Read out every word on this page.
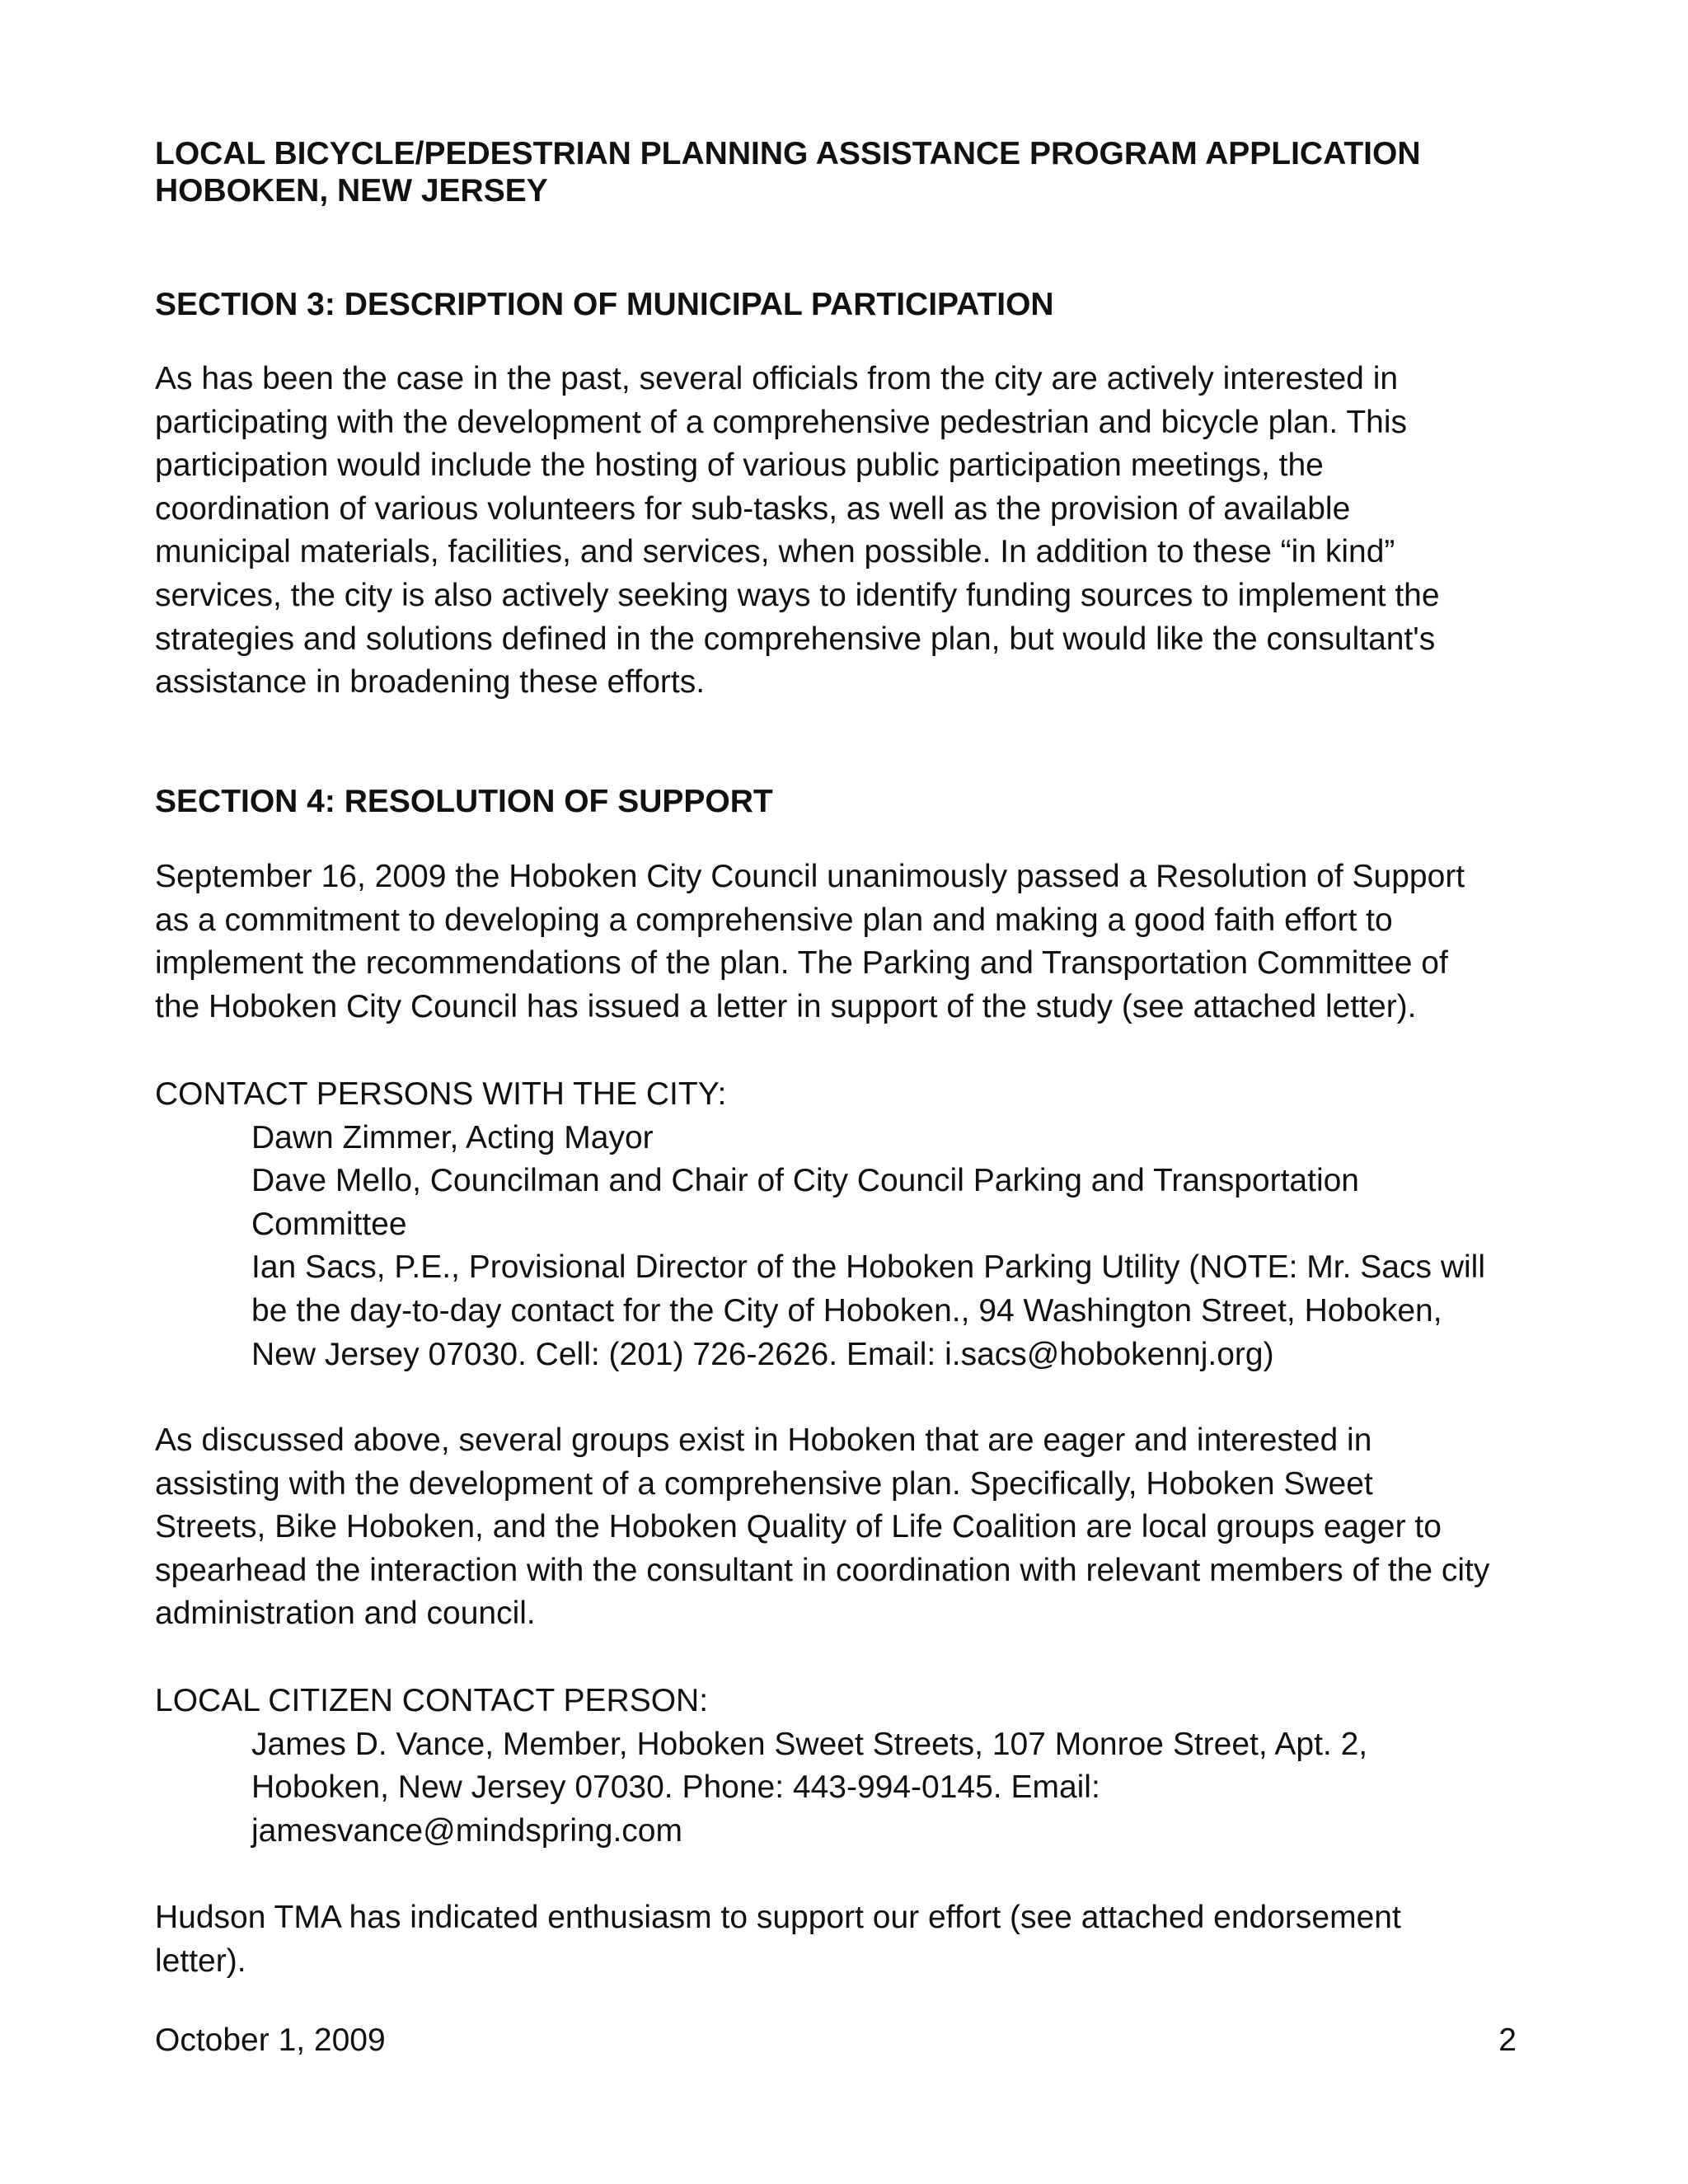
LOCAL BICYCLE/PEDESTRIAN PLANNING ASSISTANCE PROGRAM APPLICATION
HOBOKEN, NEW JERSEY
SECTION 3: DESCRIPTION OF MUNICIPAL PARTICIPATION
As has been the case in the past, several officials from the city are actively interested in
participating with the development of a comprehensive pedestrian and bicycle plan. This
participation would include the hosting of various public participation meetings, the
coordination of various volunteers for sub-tasks, as well as the provision of available
municipal materials, facilities, and services, when possible. In addition to these “in kind”
services, the city is also actively seeking ways to identify funding sources to implement the
strategies and solutions defined in the comprehensive plan, but would like the consultant's
assistance in broadening these efforts.
SECTION 4: RESOLUTION OF SUPPORT
September 16, 2009 the Hoboken City Council unanimously passed a Resolution of Support
as a commitment to developing a comprehensive plan and making a good faith effort to
implement the recommendations of the plan. The Parking and Transportation Committee of
the Hoboken City Council has issued a letter in support of the study (see attached letter).
CONTACT PERSONS WITH THE CITY:
Dawn Zimmer, Acting Mayor
Dave Mello, Councilman and Chair of City Council Parking and Transportation
Committee
Ian Sacs, P.E., Provisional Director of the Hoboken Parking Utility (NOTE: Mr. Sacs will
be the day-to-day contact for the City of Hoboken., 94 Washington Street, Hoboken,
New Jersey 07030. Cell: (201) 726-2626. Email: i.sacs@hobokennj.org)
As discussed above, several groups exist in Hoboken that are eager and interested in
assisting with the development of a comprehensive plan. Specifically, Hoboken Sweet
Streets, Bike Hoboken, and the Hoboken Quality of Life Coalition are local groups eager to
spearhead the interaction with the consultant in coordination with relevant members of the city
administration and council.
LOCAL CITIZEN CONTACT PERSON:
James D. Vance, Member, Hoboken Sweet Streets, 107 Monroe Street, Apt. 2,
Hoboken, New Jersey 07030. Phone: 443-994-0145. Email:
jamesvance@mindspring.com
Hudson TMA has indicated enthusiasm to support our effort (see attached endorsement
letter).
October 1, 2009	2
